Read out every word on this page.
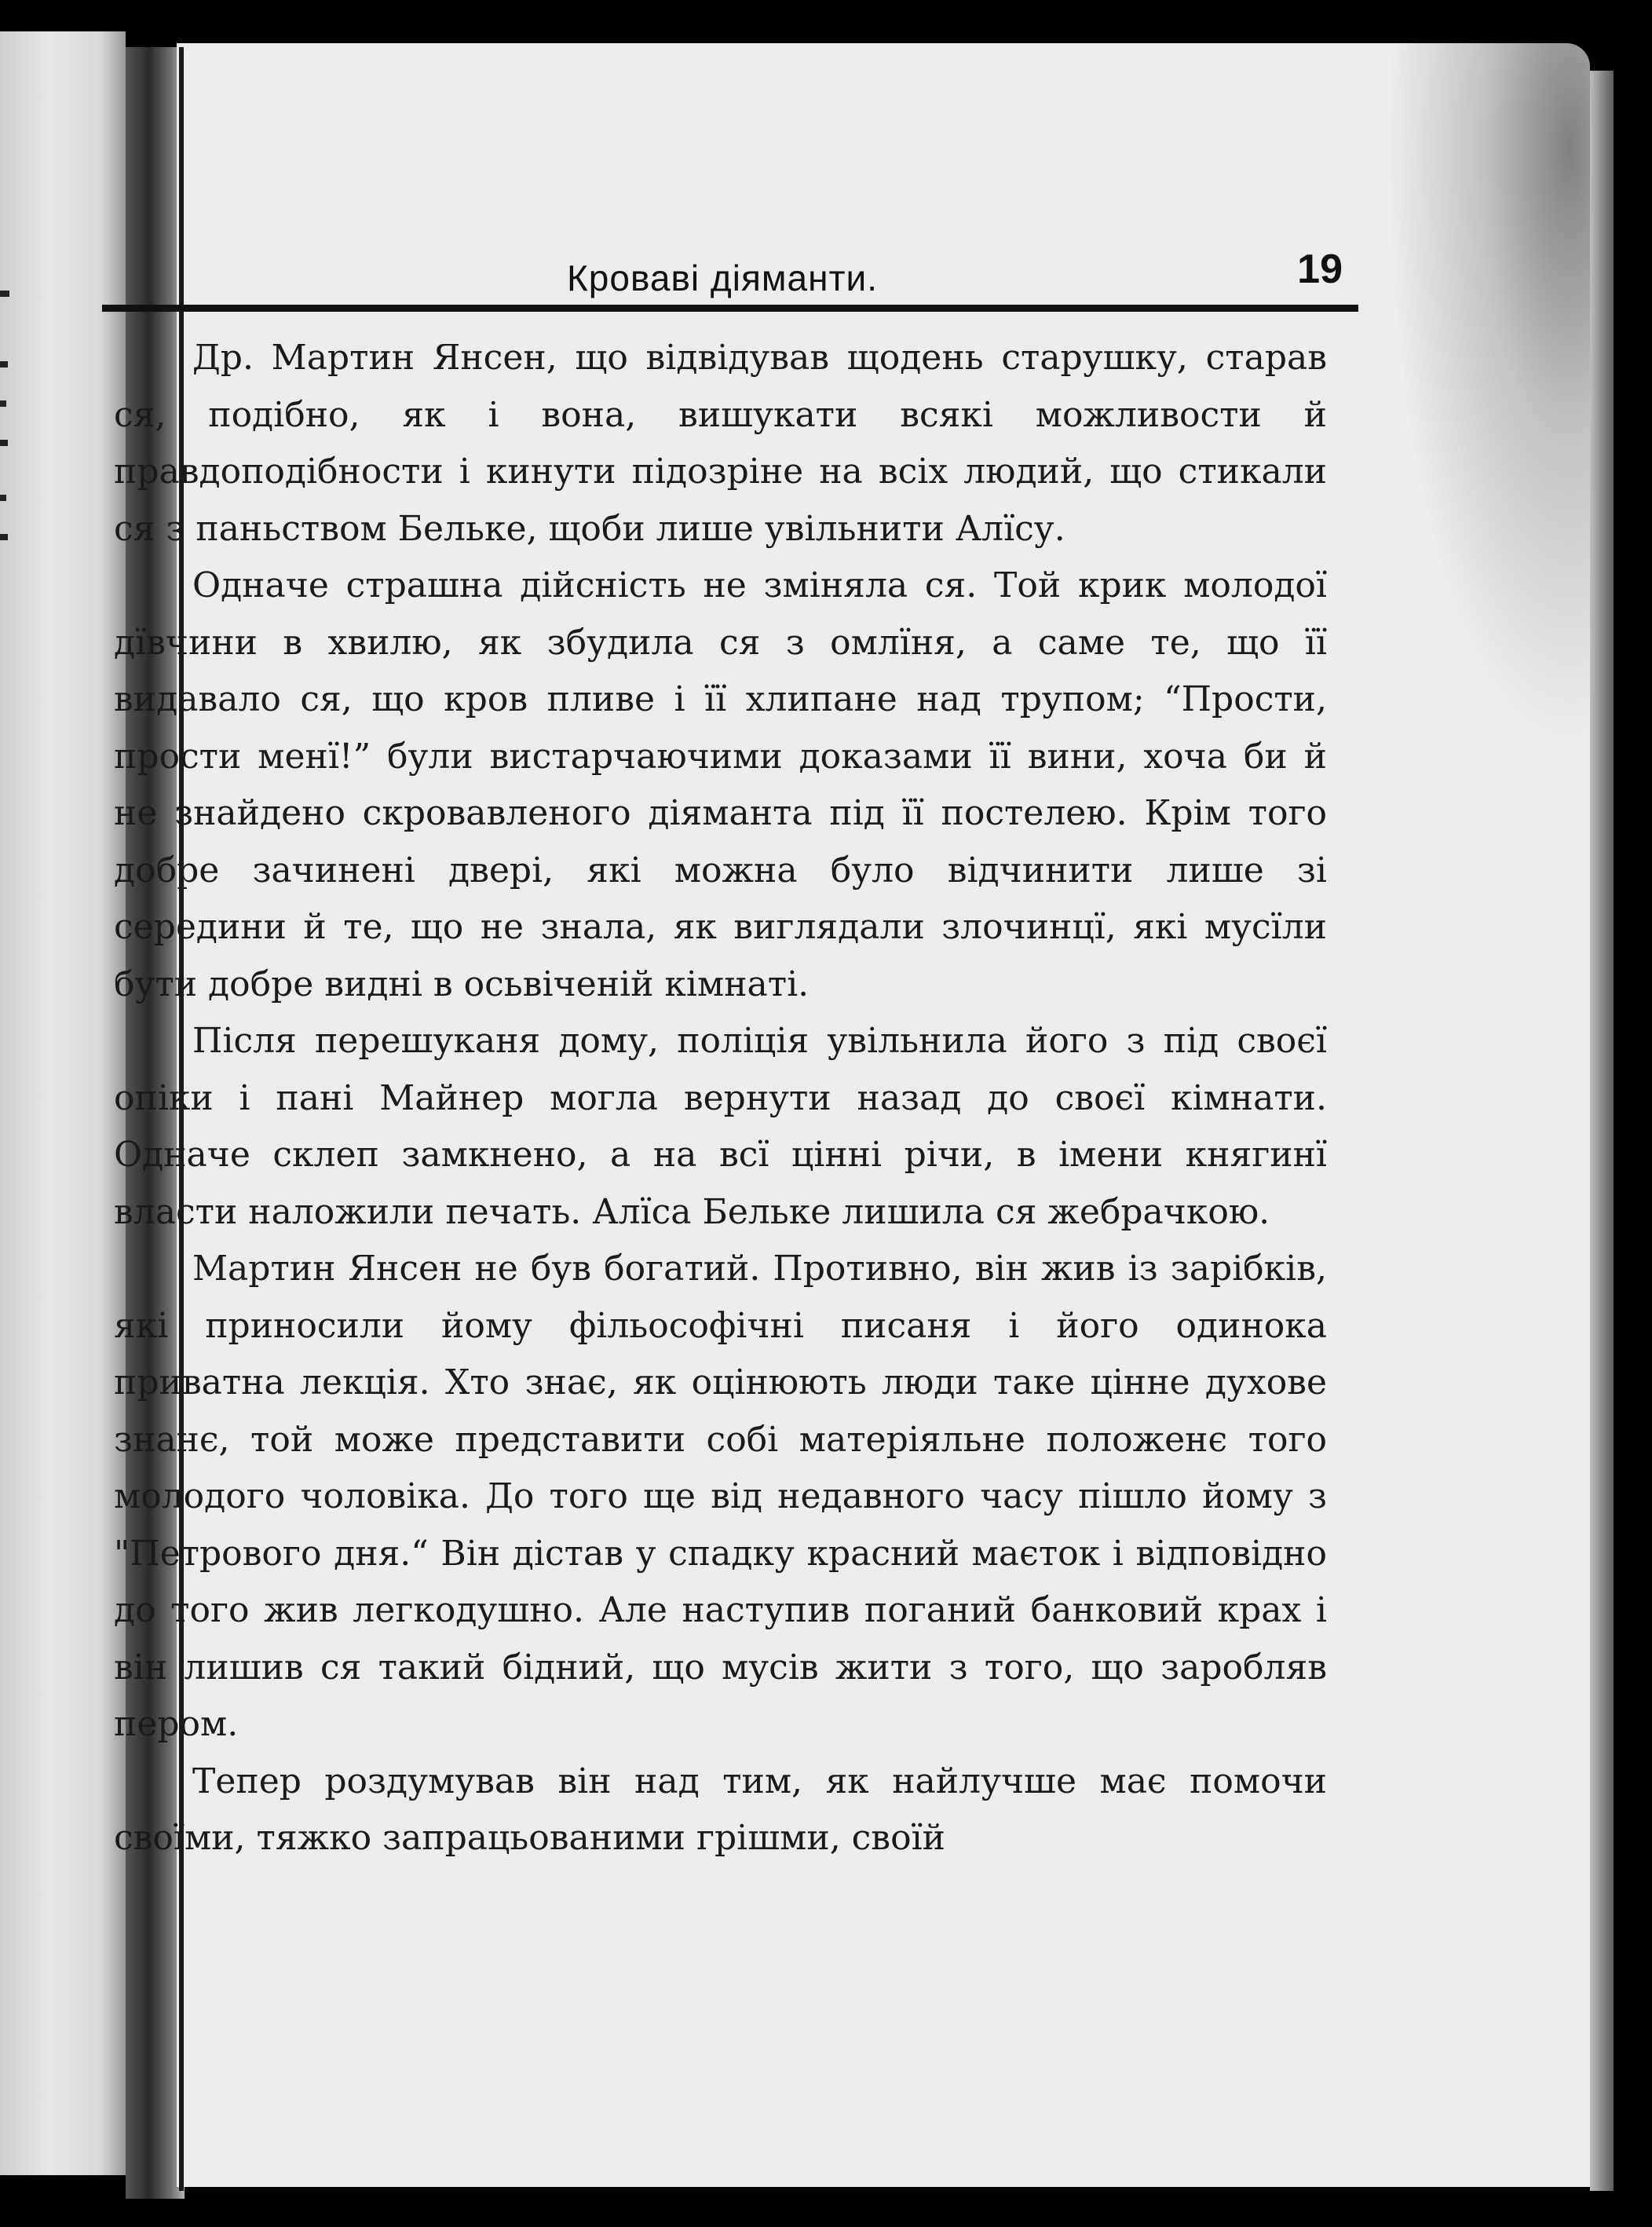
Кроваві діяманти.	19

Др. Мартин Янсен, що відвідував щодень старушку, старав ся, подібно, як і вона, вишукати всякі можливости й правдоподібности і кинути підозріне на всіх людий, що стикали ся з паньством Бельке, щоби лише увільнити Алїсу.

Одначе страшна дійсність не зміняла ся. Той крик молодої дївчини в хвилю, як збудила ся з омлїня, а саме те, що її видавало ся, що кров пливе і її хлипане над трупом; “Прости, прости менї!” були вистарчаючими доказами її вини, хоча би й не знайдено скровавленого діяманта під її постелею. Крім того добре зачинені двері, які можна було відчинити лише зі середини й те, що не знала, як виглядали злочинцї, які мусїли бути добре видні в осьвіченій кімнаті.

Після перешуканя дому, поліція увільнила його з під своєї опіки і пані Майнер могла вернути назад до своєї кімнати. Одначе склеп замкнено, а на всї цінні річи, в імени княгинї власти наложили печать. Алїса Бельке лишила ся жебрачкою.

Мартин Янсен не був богатий. Противно, він жив із зарібків, які приносили йому фільософічні писаня і його одинока приватна лекція. Хто знає, як оцінюють люди таке цінне духове знанє, той може представити собі матеріяльне положенє того молодого чоловіка. До того ще від недавного часу пішло йому з "Петрового дня.“ Він дістав у спадку красний маєток і відповідно до того жив легкодушно. Але наступив поганий банковий крах і він лишив ся такий бідний, що мусів жити з того, що заробляв пером.

Тепер роздумував він над тим, як найлучше має помочи своїми, тяжко запрацьованими грішми, своїй
